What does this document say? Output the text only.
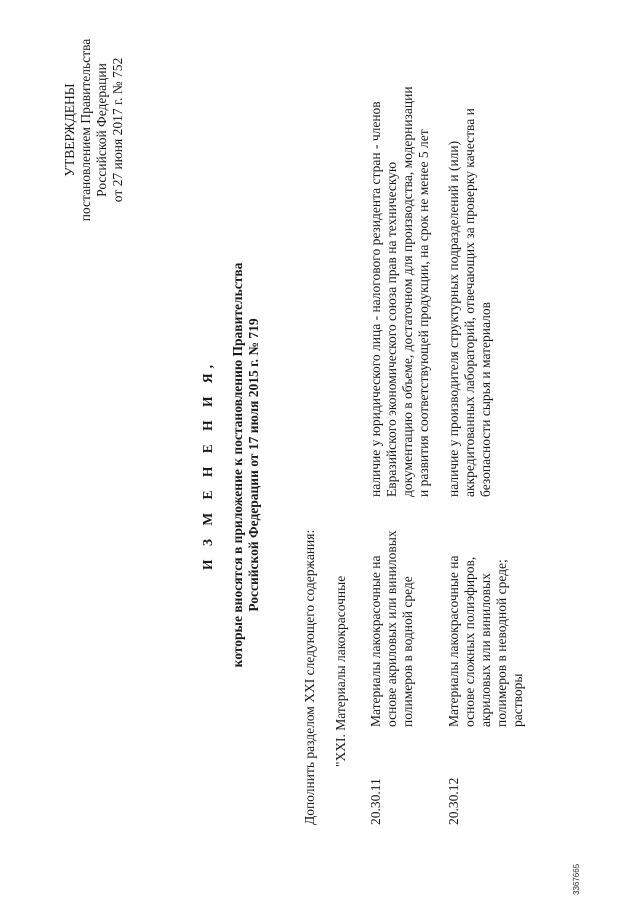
УТВЕРЖДЕНЫ постановлением Правительства Российской Федерации от 27 июня 2017 г. № 752
И З М Е Н Е Н И Я, которые вносятся в приложение к постановлению Правительства Российской Федерации от 17 июля 2015 г. № 719
Дополнить разделом XXI следующего содержания: "XXI. Материалы лакокрасочные
20.30.11
Материалы лакокрасочные на основе акриловых или виниловых полимеров в водной среде
наличие у юридического лица - налогового резидента стран - членов Евразийского экономического союза прав на техническую документацию в объеме, достаточном для производства, модернизации и развития соответствующей продукции, на срок не менее 5 лет
20.30.12
Материалы лакокрасочные на основе сложных полиэфиров, акриловых или виниловых полимеров в неводной среде; растворы
наличие у производителя структурных подразделений и (или) аккредитованных лабораторий, отвечающих за проверку качества и безопасности сырья и материалов
3367665
